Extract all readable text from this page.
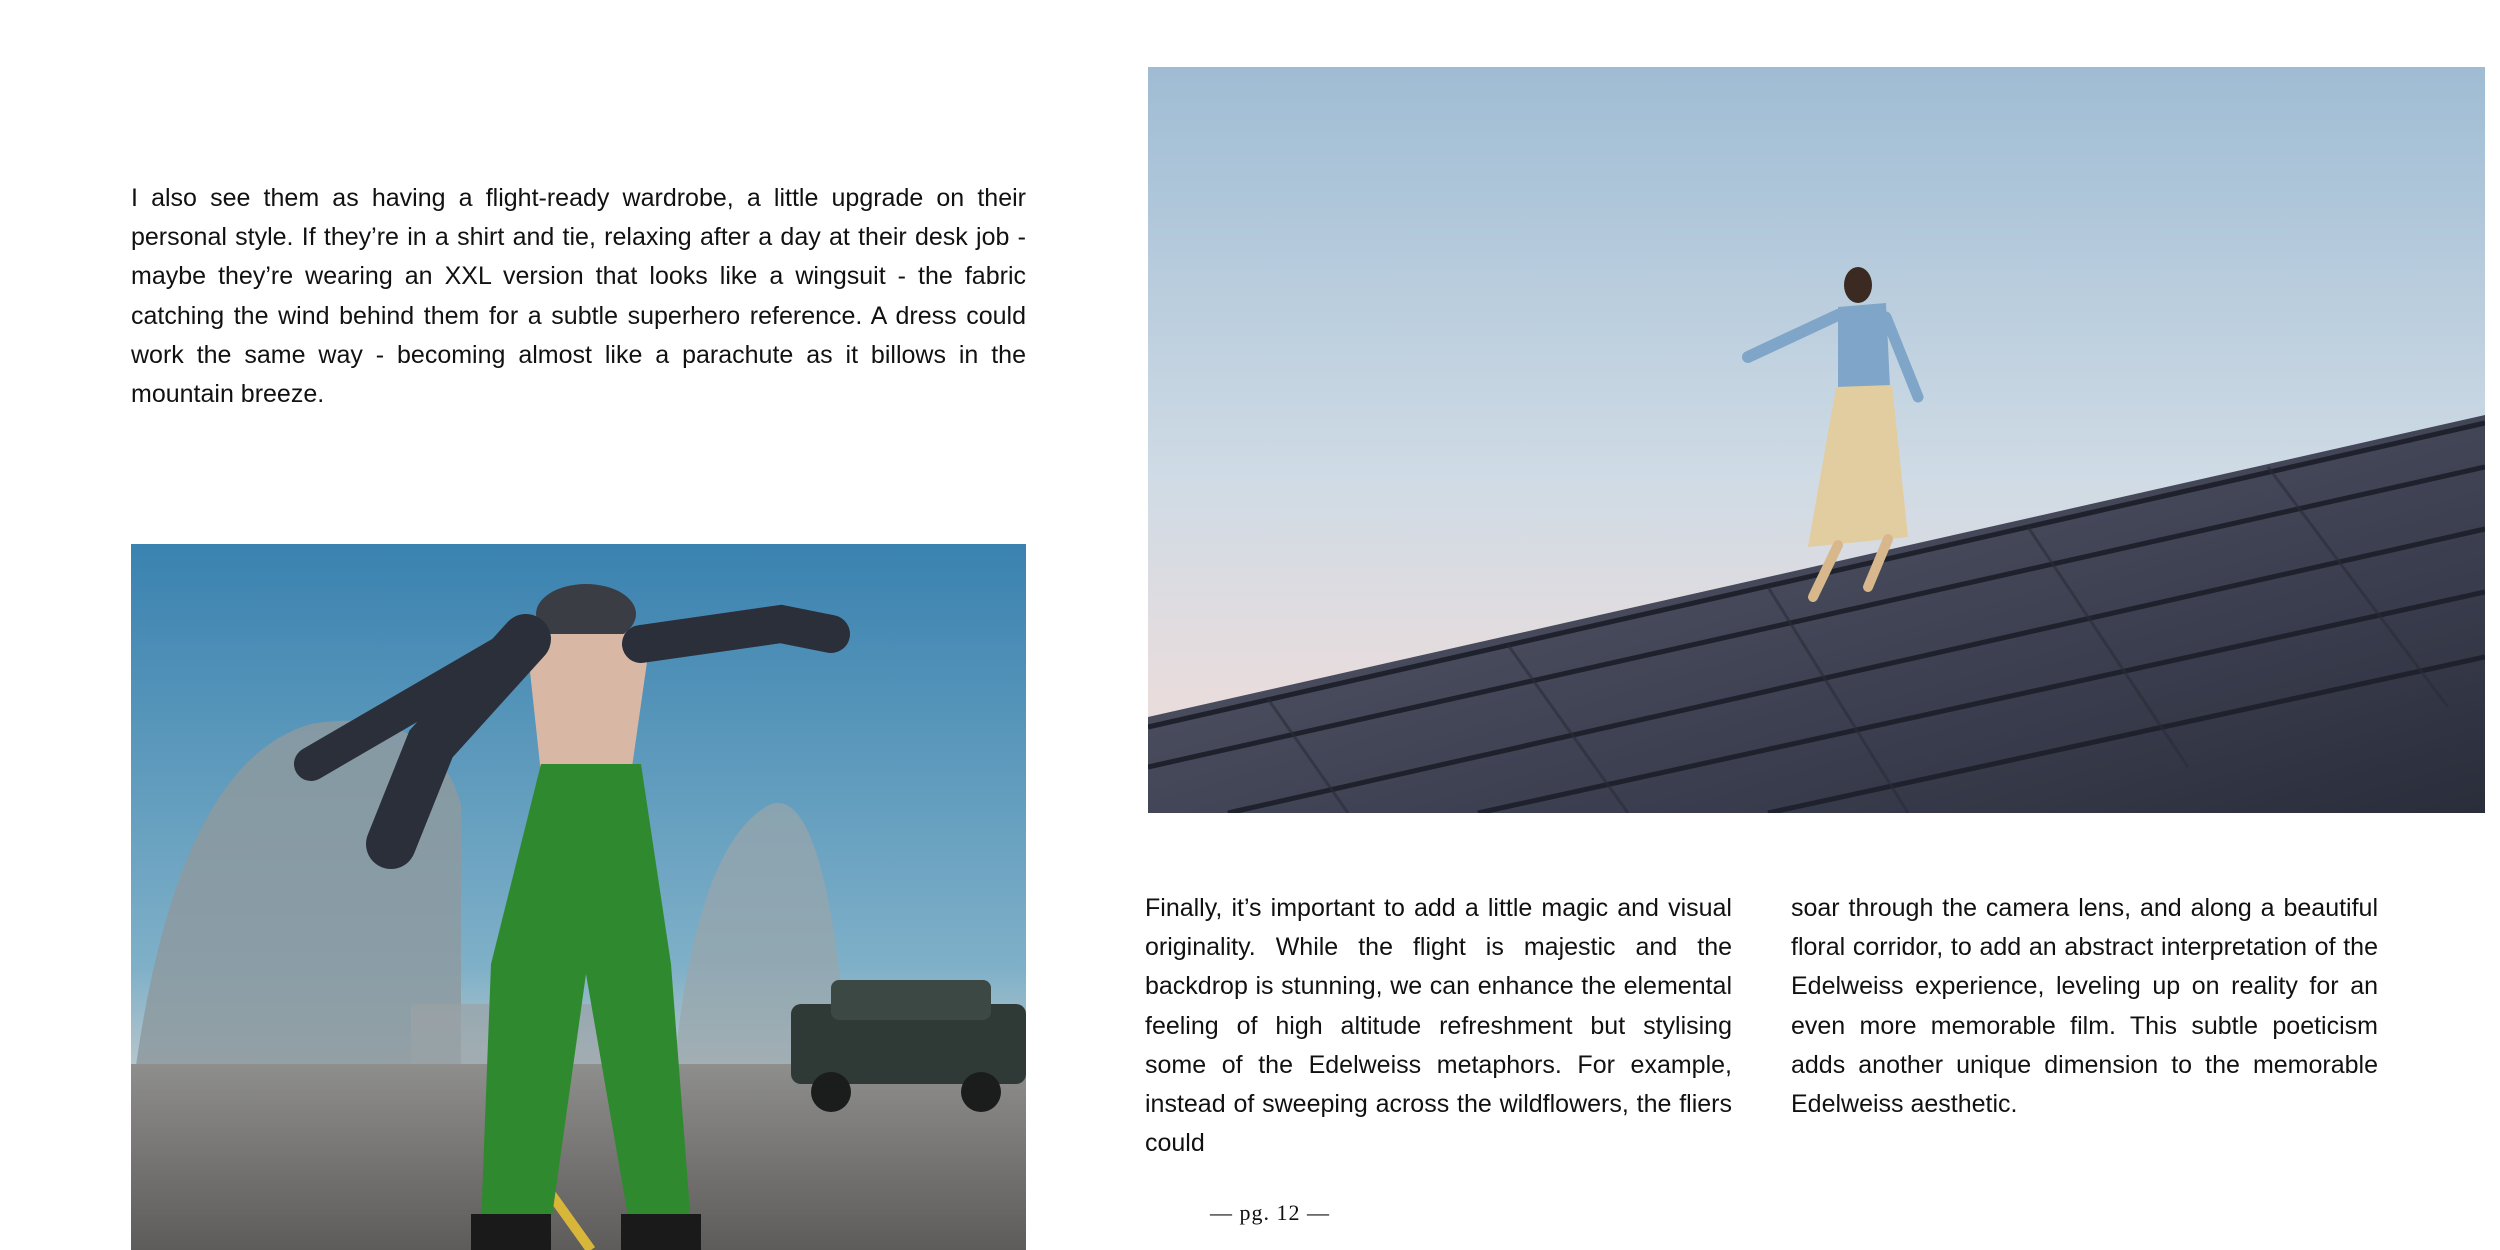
I also see them as having a flight-ready wardrobe, a little upgrade on their personal style. If they’re in a shirt and tie, relaxing after a day at their desk job - maybe they’re wearing an XXL version that looks like a wingsuit - the fabric catching the wind behind them for a subtle superhero reference. A dress could work the same way - becoming almost like a parachute as it billows in the mountain breeze.

Finally, it’s important to add a little magic and visual originality. While the flight is majestic and the backdrop is stunning, we can enhance the elemental feeling of high altitude refreshment but stylising some of the Edelweiss metaphors. For example, instead of sweeping across the wildflowers, the fliers could

soar through the camera lens, and along a beautiful floral corridor, to add an abstract interpretation of the Edelweiss experience, leveling up on reality for an even more memorable film. This subtle poeticism adds another unique dimension to the memorable Edelweiss aesthetic.

— pg. 12 —
